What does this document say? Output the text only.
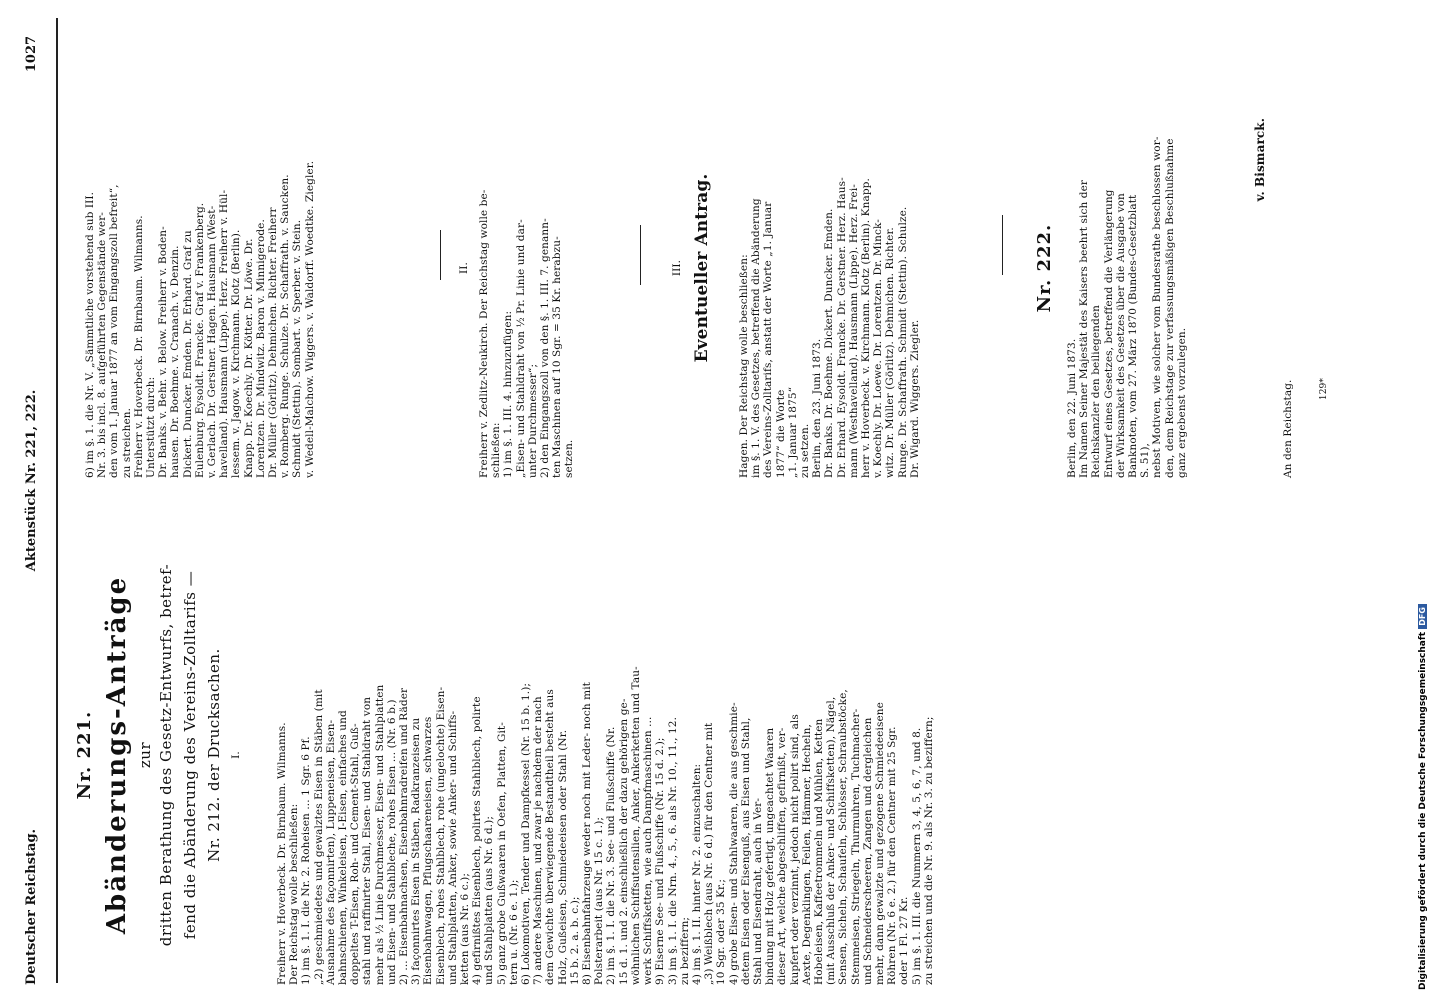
Deutscher Reichstag. Aktenstück Nr. 221, 222. 1027
Nr. 221. Abänderungs-Anträge zur dritten Berathung des Gesetz-Entwurfs, betref- fend die Abänderung des Vereins-Zolltarifs — Nr. 212. der Drucksachen. I.	Freiherr v. Hoverbeck. Dr. Birnbaum. Wilmanns. Der Reichstag wolle beschließen: 1) im §. 1. I. die Nr. 2. Roheisen ... 1 Sgr. 6 Pf. „2) geschmiedetes und gewalztes Eisen in Stäben (mit Ausnahme des façonnirten), Luppeneisen, Eisen- bahnschienen, Winkeleisen, I-Eisen, einfaches und doppeltes T-Eisen, Roh- und Cement-Stahl, Guß- stahl und raffinirter Stahl, Eisen- und Stahldraht von mehr als ½ Linie Durchmesser, Eisen- und Stahlplatten und Eisen- und Stahlbleche, rohes Eisen ... (Nr. 6 b.) 2) ... Eisenbahnachsen, Eisenbahnradreifen und Räder 3) façonnirtes Eisen in Stäben, Radkranzeisen zu Eisenbahnwagen, Pflugschaareneisen, schwarzes Eisenblech, rohes Stahlblech, rohe (ungelochte) Eisen- und Stahlplatten, Anker, sowie Anker- und Schiffs- ketten (aus Nr. 6 c.); 4) gefirnißtes Eisenblech, polirtes Stahlblech, polirte und Stahlplatten (aus Nr. 6 d.); 5) ganz grobe Gußwaaren in Oefen, Platten, Git- tern u. (Nr. 6 e. 1.); 6) Lokomotiven, Tender und Dampfkessel (Nr. 15 b. 1.); 7) andere Maschinen, und zwar je nachdem der nach dem Gewichte überwiegende Bestandtheil besteht aus Holz, Gußeisen, Schmiedeeisen oder Stahl (Nr. 15 b. 2. a. b. c.); 8) Eisenbahnfahrzeuge weder noch mit Leder- noch mit Polsterarbeit (aus Nr. 15 c. 1.); 2) im §. 1. I. die Nr. 3. See- und Flußschiffe (Nr. 15 d. 1. und 2. einschließlich der dazu gehörigen ge- wöhnlichen Schiffsutensilien, Anker, Ankerketten und Tau- werk Schiffsketten, wie auch Dampfmaschinen ... 9) Eiserne See- und Flußschiffe (Nr. 15 d. 2.); 3) im §. 1. I. die Nrn. 4., 5., 6. als Nr. 10., 11., 12. zu beziffern; 4) im §. 1. II. hinter Nr. 2. einzuschalten: „3) Weißblech (aus Nr. 6 d.) für den Centner mit 10 Sgr. oder 35 Kr.; 4) grobe Eisen- und Stahlwaaren, die aus geschmie- detem Eisen oder Eisenguß, aus Eisen und Stahl, Stahl und Eisendraht, auch in Ver- bindung mit Holz gefertigt, ungeachtet Waaren dieser Art, welche abgeschliffen, gefirnißt, ver- kupfert oder verzinnt, jedoch nicht polirt sind, als Aexte, Degenklingen, Feilen, Hämmer, Hecheln, Hobeleisen, Kaffeetrommeln und Mühlen, Ketten (mit Ausschluß der Anker- und Schiffsketten), Nägel, Sensen, Sicheln, Schaufeln, Schlösser, Schraubstöcke, Stemmeisen, Striegeln, Thurmuhren, Tuchmacher- und Schneiderscheeren, Zangen und dergleichen mehr, dann gewalzte und gezogene Schmiedeeisene Röhren (Nr. 6 e. 2.) für den Centner mit 25 Sgr. oder 1 Fl. 27 Kr. 5) im §. 1. III. die Nummern 3, 4, 5, 6, 7, und 8. zu streichen und die Nr. 9. als Nr. 3. zu beziffern;
6) im §. 1. die Nr. V. „Sämmtliche vorstehend sub III. Nr. 3. bis incl. 8. aufgeführten Gegenstände wer- den vom 1. Januar 1877 an vom Eingangszoll befreit“, zu streichen. Freiherr v. Hoverbeck. Dr. Birnbaum. Wilmanns. Unterstützt durch: Dr. Banks. v. Behr. v. Below. Freiherr v. Boden- hausen. Dr. Boehme. v. Cranach. v. Denzin. Dickert. Duncker. Emden. Dr. Erhard. Graf zu Eulenburg. Eysoldt. Francke. Graf v. Frankenberg. v. Gerlach. Dr. Gerstner. Hagen. Hausmann (West- havelland). Hausmann (Lippe). Herz. Freiherr v. Hül- lessem. v. Jagow. v. Kirchmann. Klotz (Berlin). Knapp. Dr. Koechly. Dr. Kötter. Dr. Löwe. Dr. Lorentzen. Dr. Mindwitz. Baron v. Minnigerode. Dr. Müller (Görlitz). Dehmichen. Richter. Freiherr v. Romberg. Runge. Schulze. Dr. Schaffrath. v. Saucken. Schmidt (Stettin). Sombart. v. Sperber. v. Stein. v. Wedell-Malchow. Wiggers. v. Waldorff. Woedtke. Ziegler.	II. Freiherr v. Zedlitz-Neukirch. Der Reichstag wolle be- schließen: 1) im §. 1. III. 4. hinzuzufügen: „Eisen- und Stahldraht von ½ Pr. Linie und dar- unter Durchmesser“; 2) den Eingangszoll von den §. 1. III. 7. genann- ten Maschinen auf 10 Sgr. = 35 Kr. herabzu- setzen.
III. Eventueller Antrag.	Hagen. Der Reichstag wolle beschließen: im §. 1. V. des Gesetzes, betreffend die Abänderung des Vereins-Zolltarifs, anstatt der Worte „1. Januar 1877“ die Worte „1. Januar 1875“ zu setzen. Berlin, den 23. Juni 1873. Dr. Banks. Dr. Boehme. Dickert. Duncker. Emden. Dr. Erhard. Eysoldt. Francke. Dr. Gerstner. Herz. Haus- mann (Westhavelland). Hausmann (Lippe). Herz. Frei- herr v. Hoverbeck. v. Kirchmann. Klotz (Berlin). Knapp. v. Koechly. Dr. Loewe. Dr. Lorentzen. Dr. Minck- witz. Dr. Müller (Görlitz). Dehmichen. Richter. Runge. Dr. Schaffrath. Schmidt (Stettin). Schulze. Dr. Wigard. Wiggers. Ziegler.
Nr. 222.
Berlin, den 22. Juni 1873. Im Namen Seiner Majestät des Kaisers beehrt sich der Reichskanzler den beiliegenden Entwurf eines Gesetzes, betreffend die Verlängerung der Wirksamkeit des Gesetzes über die Ausgabe von Banknoten, vom 27. März 1870 (Bundes-Gesetzblatt S. 51), nebst Motiven, wie solcher vom Bundesrathe beschlossen wor- den, dem Reichstage zur verfassungsmäßigen Beschlußnahme ganz ergebenst vorzulegen.
v. Bismarck.
An den Reichstag.	129*
Digitalisierung gefördert durch die Deutsche Forschungsgemeinschaft DFG
